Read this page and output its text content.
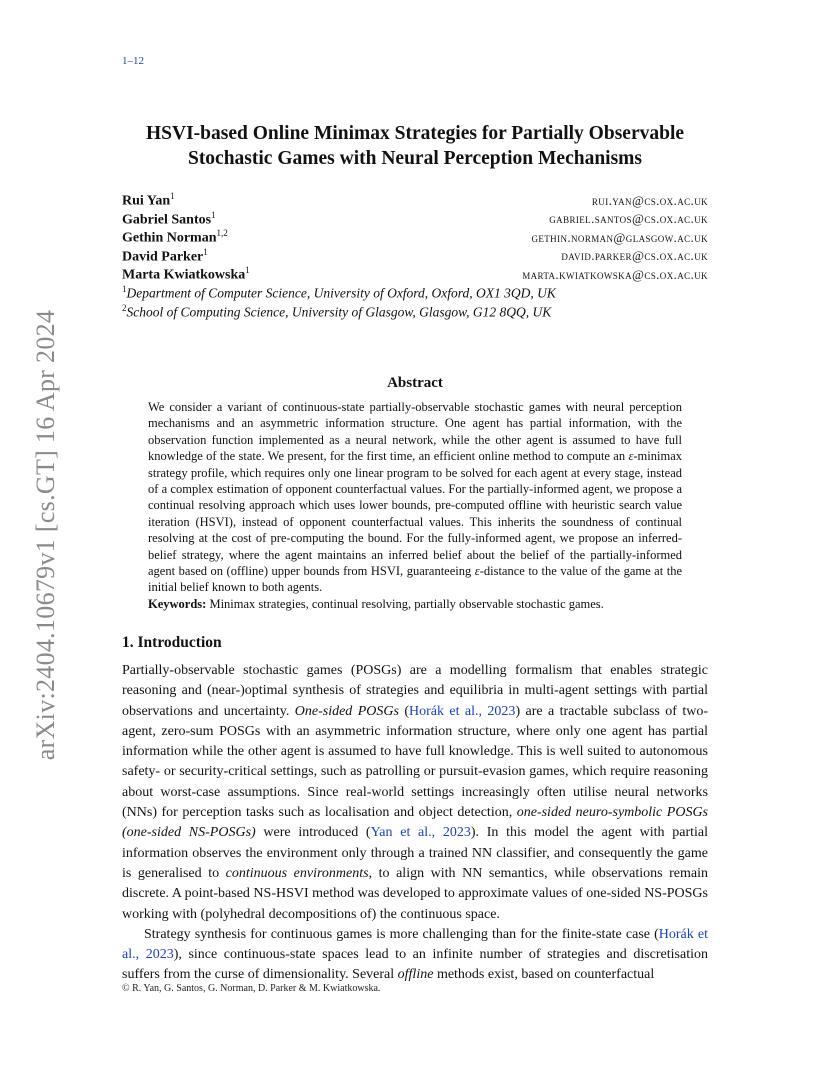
1–12
arXiv:2404.10679v1 [cs.GT] 16 Apr 2024
HSVI-based Online Minimax Strategies for Partially Observable Stochastic Games with Neural Perception Mechanisms
Rui Yan$^1$	rui.yan@cs.ox.ac.uk
Gabriel Santos$^1$	gabriel.santos@cs.ox.ac.uk
Gethin Norman$^{1,2}$	gethin.norman@glasgow.ac.uk
David Parker$^1$	david.parker@cs.ox.ac.uk
Marta Kwiatkowska$^1$	marta.kwiatkowska@cs.ox.ac.uk
$^1$Department of Computer Science, University of Oxford, Oxford, OX1 3QD, UK
$^2$School of Computing Science, University of Glasgow, Glasgow, G12 8QQ, UK
Abstract

We consider a variant of continuous-state partially-observable stochastic games with neural perception mechanisms and an asymmetric information structure. One agent has partial information, with the observation function implemented as a neural network, while the other agent is assumed to have full knowledge of the state. We present, for the first time, an efficient online method to compute an ε-minimax strategy profile, which requires only one linear program to be solved for each agent at every stage, instead of a complex estimation of opponent counterfactual values. For the partially-informed agent, we propose a continual resolving approach which uses lower bounds, pre-computed offline with heuristic search value iteration (HSVI), instead of opponent counterfactual values. This inherits the soundness of continual resolving at the cost of pre-computing the bound. For the fully-informed agent, we propose an inferred-belief strategy, where the agent maintains an inferred belief about the belief of the partially-informed agent based on (offline) upper bounds from HSVI, guaranteeing ε-distance to the value of the game at the initial belief known to both agents.

Keywords: Minimax strategies, continual resolving, partially observable stochastic games.

1. Introduction

Partially-observable stochastic games (POSGs) are a modelling formalism that enables strategic reasoning and (near-)optimal synthesis of strategies and equilibria in multi-agent settings with partial observations and uncertainty. One-sided POSGs (Horák et al., 2023) are a tractable subclass of two-agent, zero-sum POSGs with an asymmetric information structure, where only one agent has partial information while the other agent is assumed to have full knowledge. This is well suited to autonomous safety- or security-critical settings, such as patrolling or pursuit-evasion games, which require reasoning about worst-case assumptions. Since real-world settings increasingly often utilise neural networks (NNs) for perception tasks such as localisation and object detection, one-sided neuro-symbolic POSGs (one-sided NS-POSGs) were introduced (Yan et al., 2023). In this model the agent with partial information observes the environment only through a trained NN classifier, and consequently the game is generalised to continuous environments, to align with NN semantics, while observations remain discrete. A point-based NS-HSVI method was developed to approximate values of one-sided NS-POSGs working with (polyhedral decompositions of) the continuous space.

Strategy synthesis for continuous games is more challenging than for the finite-state case (Horák et al., 2023), since continuous-state spaces lead to an infinite number of strategies and discretisation suffers from the curse of dimensionality. Several offline methods exist, based on counterfactual

© R. Yan, G. Santos, G. Norman, D. Parker & M. Kwiatkowska.
